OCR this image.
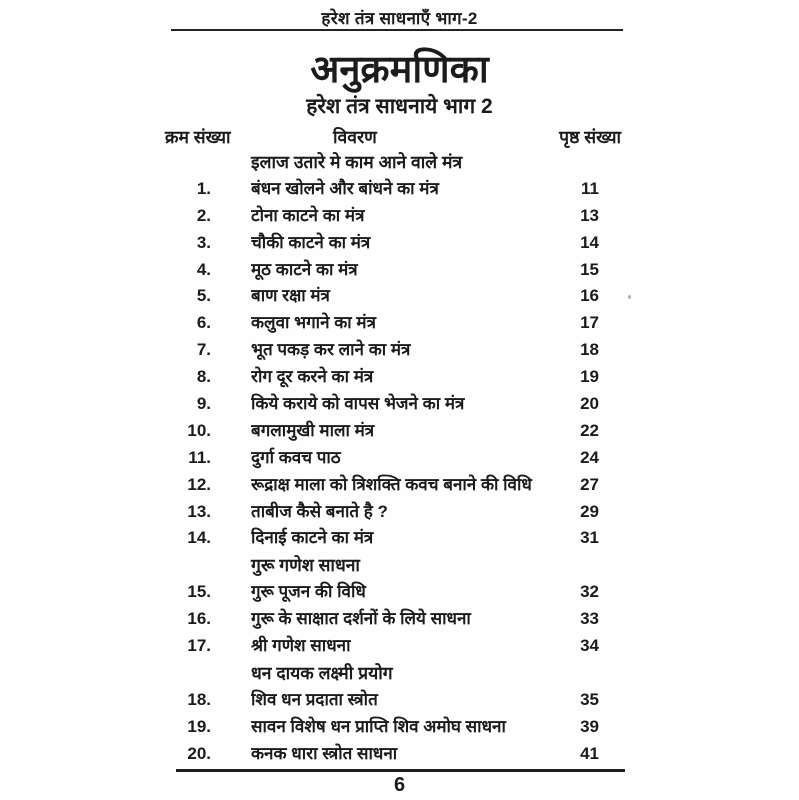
हरेश तंत्र साधनाएँ भाग-2
अनुक्रमणिका
हरेश तंत्र साधनाये भाग 2
क्रम संख्या	विवरण	पृष्ठ संख्या
इलाज उतारे मे काम आने वाले मंत्र
1. बंधन खोलने और बांधने का मंत्र	11
2. टोना काटने का मंत्र	13
3. चौकी काटने का मंत्र	14
4. मूठ काटने का मंत्र	15
5. बाण रक्षा मंत्र	16
6. कलुवा भगाने का मंत्र	17
7. भूत पकड़ कर लाने का मंत्र	18
8. रोग दूर करने का मंत्र	19
9. किये कराये को वापस भेजने का मंत्र	20
10. बगलामुखी माला मंत्र	22
11. दुर्गा कवच पाठ	24
12. रूद्राक्ष माला को त्रिशक्ति कवच बनाने की विधि	27
13. ताबीज कैसे बनाते है ?	29
14. दिनाई काटने का मंत्र	31
गुरू गणेश साधना
15. गुरू पूजन की विधि	32
16. गुरू के साक्षात दर्शनों के लिये साधना	33
17. श्री गणेश साधना	34
धन दायक लक्ष्मी प्रयोग
18. शिव धन प्रदाता स्त्रोत	35
19. सावन विशेष धन प्राप्ति शिव अमोघ साधना	39
20. कनक धारा स्त्रोत साधना	41
6
